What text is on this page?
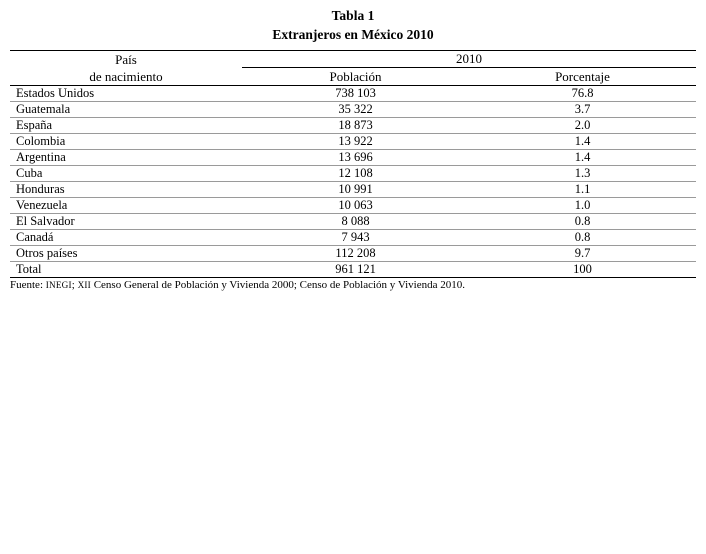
Tabla 1
Extranjeros en México 2010

País
de nacimiento	2010	
	Población	Porcentaje

Estados Unidos	738 103	76.8
Guatemala	35 322	3.7
España	18 873	2.0
Colombia	13 922	1.4
Argentina	13 696	1.4
Cuba	12 108	1.3
Honduras	10 991	1.1
Venezuela	10 063	1.0
El Salvador	8 088	0.8
Canadá	7 943	0.8
Otros países	112 208	9.7
Total	961 121	100

Fuente: INEGI; XII Censo General de Población y Vivienda 2000; Censo de Población y Vivienda 2010.		
